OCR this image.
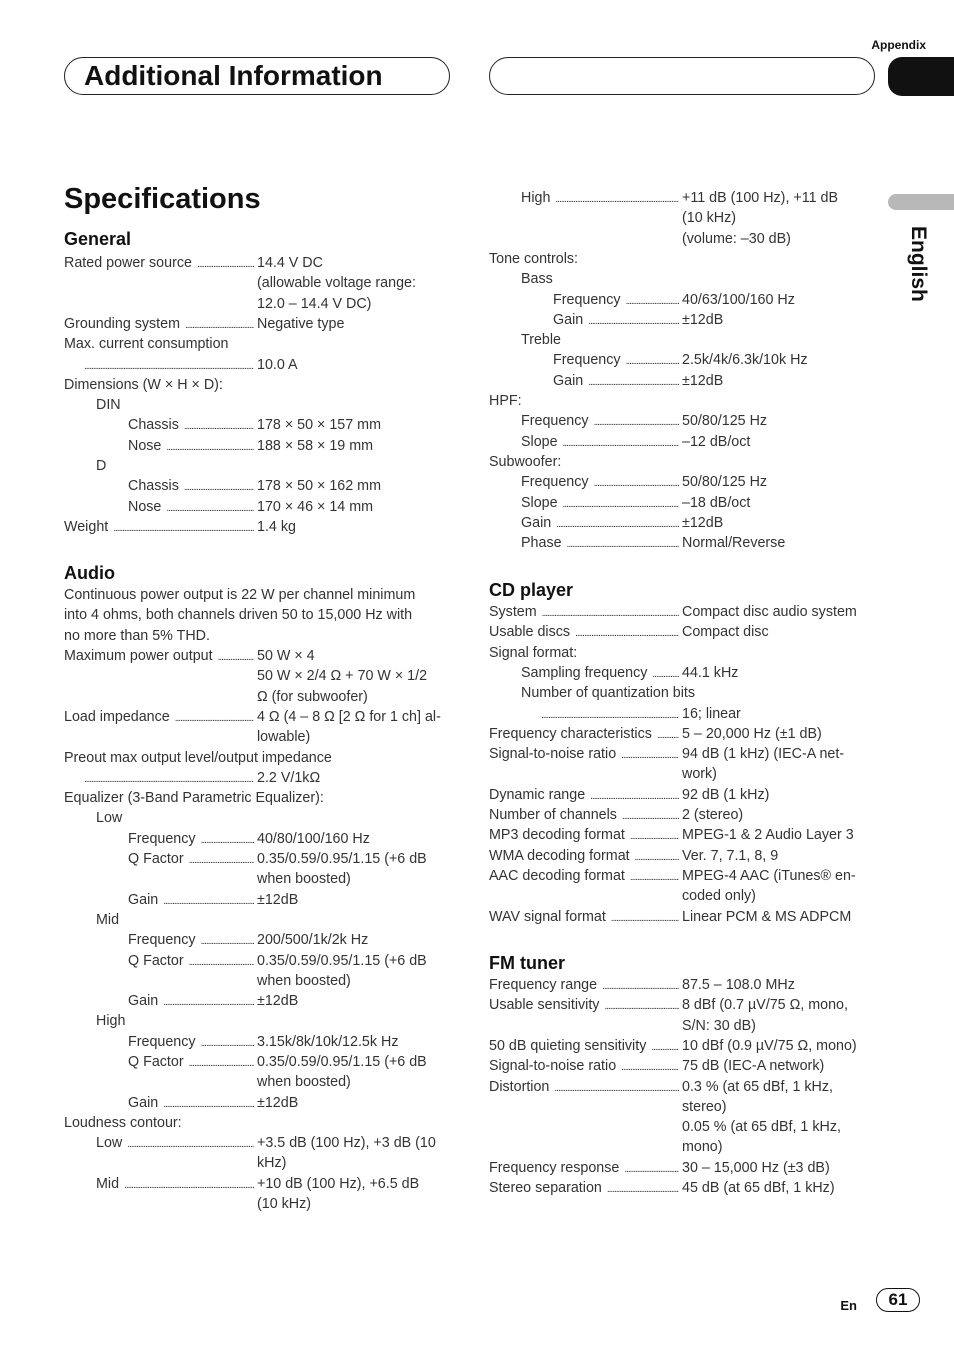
Appendix
Additional Information
English
Specifications
General
Rated power source .....	14.4 V DC
(allowable voltage range:
12.0 – 14.4 V DC)
Grounding system .....	Negative type
Max. current consumption
.....
10.0 A
Dimensions (W × H × D):
DIN
Chassis .....	178 × 50 × 157 mm
Nose .....	188 × 58 × 19 mm
D
Chassis .....	178 × 50 × 162 mm
Nose .....	170 × 46 × 14 mm
Weight .....	1.4 kg
Audio
Continuous power output is 22 W per channel minimum
into 4 ohms, both channels driven 50 to 15,000 Hz with
no more than 5% THD.
Maximum power output .....	50 W × 4
50 W × 2/4 Ω + 70 W × 1/2
Ω (for subwoofer)
Load impedance .....	4 Ω (4 – 8 Ω [2 Ω for 1 ch] al-
lowable)
Preout max output level/output impedance
.....
2.2 V/1kΩ
Equalizer (3-Band Parametric Equalizer):
Low
Frequency .....	40/80/100/160 Hz
Q Factor .....	0.35/0.59/0.95/1.15 (+6 dB
when boosted)
Gain .....	±12dB
Mid
Frequency .....	200/500/1k/2k Hz
Q Factor .....	0.35/0.59/0.95/1.15 (+6 dB
when boosted)
Gain .....	±12dB
High
Frequency .....	3.15k/8k/10k/12.5k Hz
Q Factor .....	0.35/0.59/0.95/1.15 (+6 dB
when boosted)
Gain .....	±12dB
Loudness contour:
Low .....	+3.5 dB (100 Hz), +3 dB (10
kHz)
Mid .....	+10 dB (100 Hz), +6.5 dB
(10 kHz)
High .....	+11 dB (100 Hz), +11 dB
(10 kHz)
(volume: –30 dB)
Tone controls:
Bass
Frequency .....	40/63/100/160 Hz
Gain .....	±12dB
Treble
Frequency .....	2.5k/4k/6.3k/10k Hz
Gain .....	±12dB
HPF:
Frequency .....	50/80/125 Hz
Slope .....	–12 dB/oct
Subwoofer:
Frequency .....	50/80/125 Hz
Slope .....	–18 dB/oct
Gain .....	±12dB
Phase .....	Normal/Reverse
CD player
System .....	Compact disc audio system
Usable discs .....	Compact disc
Signal format:
Sampling frequency ..... 44.1 kHz
Number of quantization bits
.....
16; linear
Frequency characteristics ..... 5 – 20,000 Hz (±1 dB)
Signal-to-noise ratio .....	94 dB (1 kHz) (IEC-A net-
work)
Dynamic range .....	92 dB (1 kHz)
Number of channels .....	2 (stereo)
MP3 decoding format .....	MPEG-1 & 2 Audio Layer 3
WMA decoding format .....	Ver. 7, 7.1, 8, 9
AAC decoding format .....	MPEG-4 AAC (iTunes® en-
coded only)
WAV signal format .....	Linear PCM & MS ADPCM
FM tuner
Frequency range .....	87.5 – 108.0 MHz
Usable sensitivity .....	8 dBf (0.7 µV/75 Ω, mono,
S/N: 30 dB)
50 dB quieting sensitivity ..... 10 dBf (0.9 µV/75 Ω, mono)
Signal-to-noise ratio .....	75 dB (IEC-A network)
Distortion .....	0.3 % (at 65 dBf, 1 kHz,
stereo)
0.05 % (at 65 dBf, 1 kHz,
mono)
Frequency response .....	30 – 15,000 Hz (±3 dB)
Stereo separation .....	45 dB (at 65 dBf, 1 kHz)
En	61
